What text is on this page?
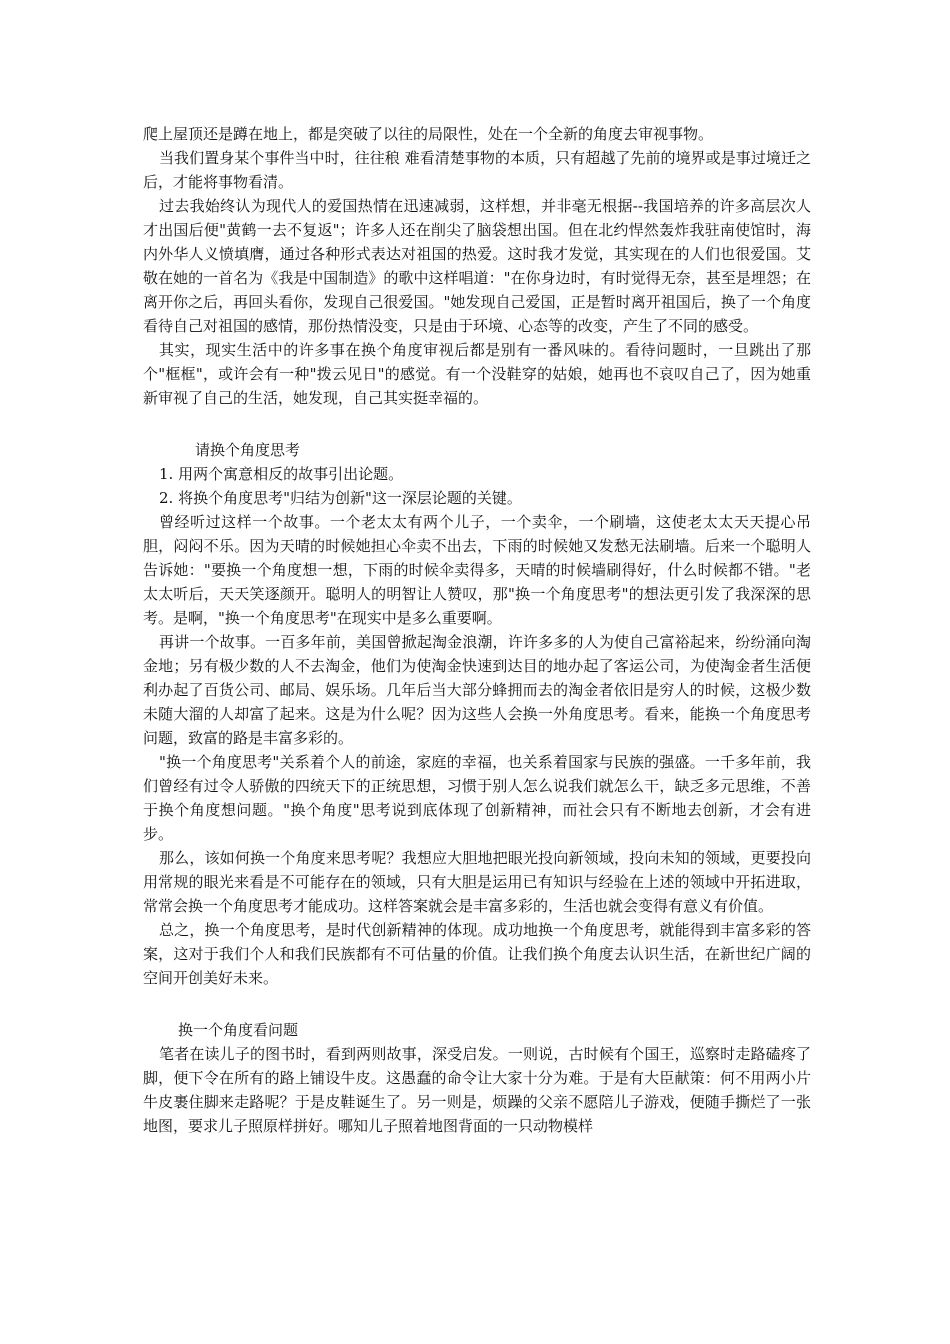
爬上屋顶还是蹲在地上，都是突破了以往的局限性，处在一个全新的角度去审视事物。

当我们置身某个事件当中时，往往稂 难看清楚事物的本质，只有超越了先前的境界或是事过境迁之后，才能将事物看清。

过去我始终认为现代人的爱国热情在迅速减弱，这样想，并非毫无根据--我国培养的许多高层次人才出国后便"黄鹤一去不复返"；许多人还在削尖了脑袋想出国。但在北约悍然轰炸我驻南使馆时，海内外华人义愤填膺，通过各种形式表达对祖国的热爱。这时我才发觉，其实现在的人们也很爱国。艾敬在她的一首名为《我是中国制造》的歌中这样唱道："在你身边时，有时觉得无奈，甚至是埋怨；在离开你之后，再回头看你，发现自己很爱国。"她发现自己爱国，正是暂时离开祖国后，换了一个角度看待自己对祖国的感情，那份热情没变，只是由于环境、心态等的改变，产生了不同的感受。

其实，现实生活中的许多事在换个角度审视后都是别有一番风味的。看待问题时，一旦跳出了那个"框框"，或许会有一种"拨云见日"的感觉。有一个没鞋穿的姑娘，她再也不哀叹自己了，因为她重新审视了自己的生活，她发现，自己其实挺幸福的。

请换个角度思考

1. 用两个寓意相反的故事引出论题。

2. 将换个角度思考"归结为创新"这一深层论题的关键。

曾经听过这样一个故事。一个老太太有两个儿子，一个卖伞，一个刷墙，这使老太太天天提心吊胆，闷闷不乐。因为天晴的时候她担心伞卖不出去，下雨的时候她又发愁无法刷墙。后来一个聪明人告诉她："要换一个角度想一想，下雨的时候伞卖得多，天晴的时候墙刷得好，什么时候都不错。"老太太听后，天天笑逐颜开。聪明人的明智让人赞叹，那"换一个角度思考"的想法更引发了我深深的思考。是啊，"换一个角度思考"在现实中是多么重要啊。

再讲一个故事。一百多年前，美国曾掀起淘金浪潮，许许多多的人为使自己富裕起来，纷纷涌向淘金地；另有极少数的人不去淘金，他们为使淘金快速到达目的地办起了客运公司，为使淘金者生活便利办起了百货公司、邮局、娱乐场。几年后当大部分蜂拥而去的淘金者依旧是穷人的时候，这极少数未随大溜的人却富了起来。这是为什么呢？因为这些人会换一外角度思考。看来，能换一个角度思考问题，致富的路是丰富多彩的。

"换一个角度思考"关系着个人的前途，家庭的幸福，也关系着国家与民族的强盛。一千多年前，我们曾经有过令人骄傲的四统天下的正统思想，习惯于别人怎么说我们就怎么干，缺乏多元思维，不善于换个角度想问题。"换个角度"思考说到底体现了创新精神，而社会只有不断地去创新，才会有进步。

那么，该如何换一个角度来思考呢？我想应大胆地把眼光投向新领域，投向未知的领域，更要投向用常规的眼光来看是不可能存在的领域，只有大胆是运用已有知识与经验在上述的领域中开拓进取，常常会换一个角度思考才能成功。这样答案就会是丰富多彩的，生活也就会变得有意义有价值。

总之，换一个角度思考，是时代创新精神的体现。成功地换一个角度思考，就能得到丰富多彩的答案，这对于我们个人和我们民族都有不可估量的价值。让我们换个角度去认识生活，在新世纪广阔的空间开创美好未来。

换一个角度看问题

笔者在读儿子的图书时，看到两则故事，深受启发。一则说，古时候有个国王，巡察时走路磕疼了脚，便下令在所有的路上铺设牛皮。这愚蠢的命令让大家十分为难。于是有大臣献策：何不用两小片牛皮裹住脚来走路呢？于是皮鞋诞生了。另一则是，烦躁的父亲不愿陪儿子游戏，便随手撕烂了一张地图，要求儿子照原样拼好。哪知儿子照着地图背面的一只动物模样
